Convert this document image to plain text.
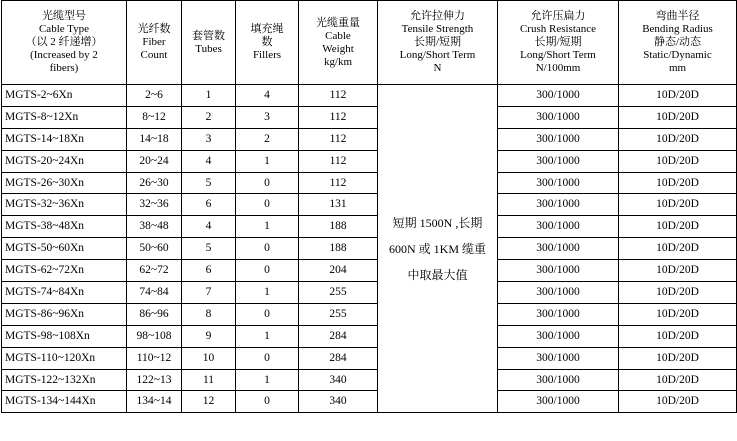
光缆型号
Cable Type
（以 2 纤递增）
(Increased by 2
fibers)	光纤数
Fiber
Count	套管数
Tubes	填充绳
数
Fillers	光缆重量
Cable
Weight
kg/km	允许拉伸力
Tensile Strength
长期/短期
Long/Short Term
N	允许压扁力
Crush Resistance
长期/短期
Long/Short Term
N/100mm	弯曲半径
Bending Radius
静态/动态
Static/Dynamic
mm

MGTS-2~6Xn	2~6	1	4	112	短期 1500N ,长期 600N 或 1KM 缆重中取最大值	300/1000	10D/20D
MGTS-8~12Xn	8~12	2	3	112		300/1000	10D/20D
MGTS-14~18Xn	14~18	3	2	112		300/1000	10D/20D
MGTS-20~24Xn	20~24	4	1	112		300/1000	10D/20D
MGTS-26~30Xn	26~30	5	0	112		300/1000	10D/20D
MGTS-32~36Xn	32~36	6	0	131		300/1000	10D/20D
MGTS-38~48Xn	38~48	4	1	188		300/1000	10D/20D
MGTS-50~60Xn	50~60	5	0	188		300/1000	10D/20D
MGTS-62~72Xn	62~72	6	0	204		300/1000	10D/20D
MGTS-74~84Xn	74~84	7	1	255		300/1000	10D/20D
MGTS-86~96Xn	86~96	8	0	255		300/1000	10D/20D
MGTS-98~108Xn	98~108	9	1	284		300/1000	10D/20D
MGTS-110~120Xn	110~12	10	0	284		300/1000	10D/20D
MGTS-122~132Xn	122~13	11	1	340		300/1000	10D/20D
MGTS-134~144Xn	134~14	12	0	340		300/1000	10D/20D
